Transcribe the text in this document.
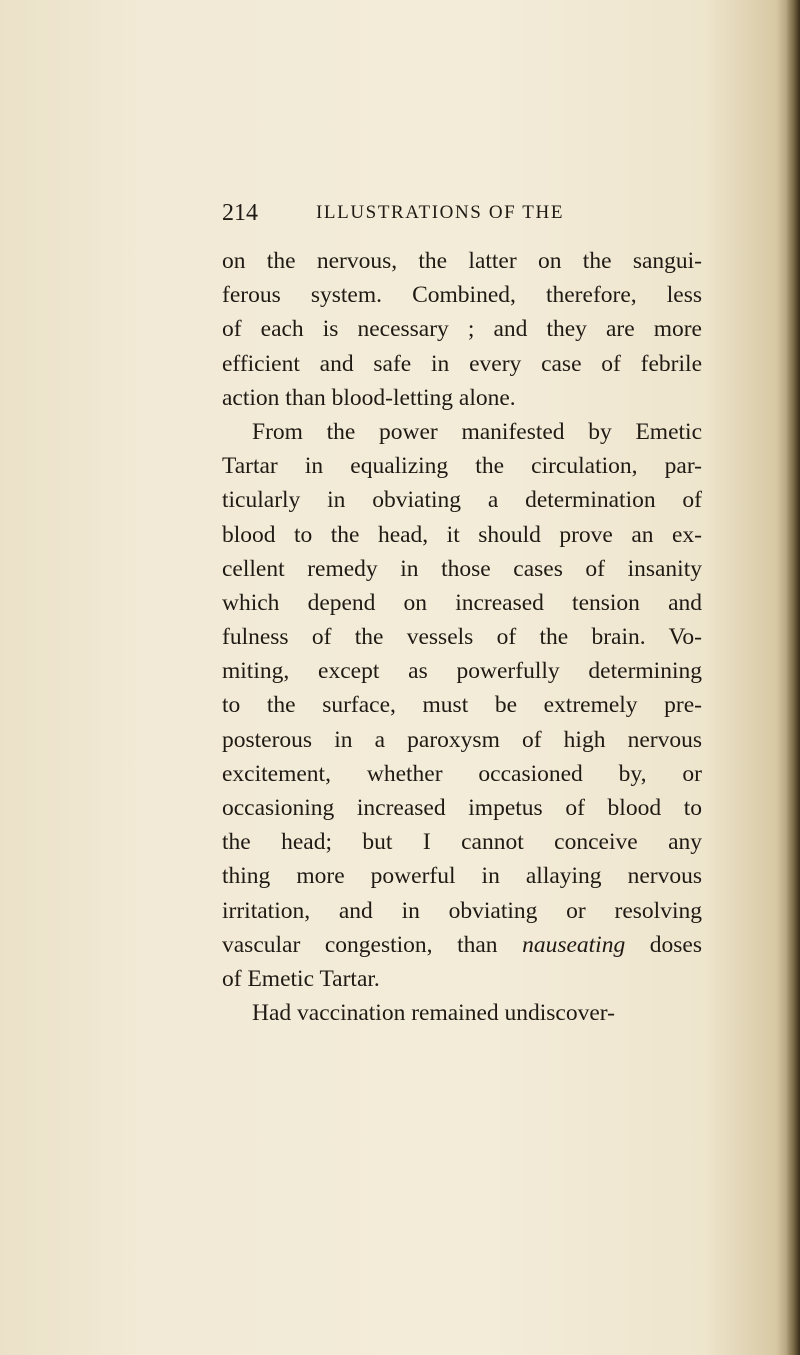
214	ILLUSTRATIONS OF THE
on the nervous, the latter on the sangui-
ferous system. Combined, therefore, less
of each is necessary ; and they are more
efficient and safe in every case of febrile
action than blood-letting alone.
From the power manifested by Emetic
Tartar in equalizing the circulation, par-
ticularly in obviating a determination of
blood to the head, it should prove an ex-
cellent remedy in those cases of insanity
which depend on increased tension and
fulness of the vessels of the brain. Vo-
miting, except as powerfully determining
to the surface, must be extremely pre-
posterous in a paroxysm of high nervous
excitement, whether occasioned by, or
occasioning increased impetus of blood to
the head; but I cannot conceive any
thing more powerful in allaying nervous
irritation, and in obviating or resolving
vascular congestion, than nauseating doses
of Emetic Tartar.
Had vaccination remained undiscover-
